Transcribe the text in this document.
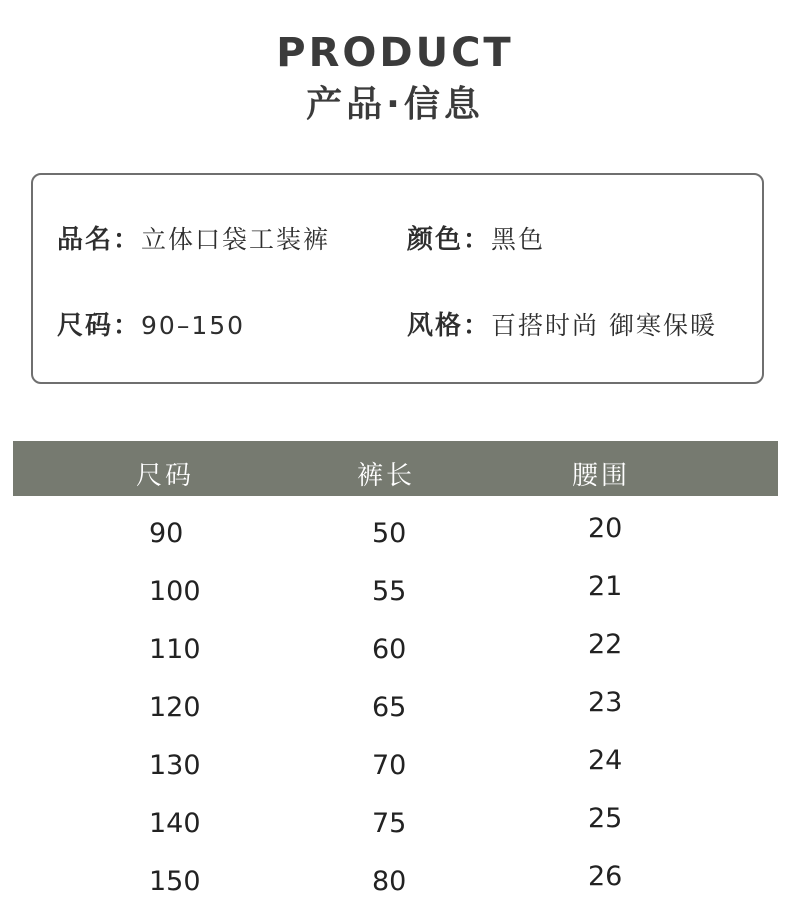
PRODUCT
产品·信息
品名：立体口袋工装裤	颜色：黑色
尺码：90–150	风格：百搭时尚 御寒保暖
尺码	裤长	腰围
90	50	20
100	55	21
110	60	22
120	65	23
130	70	24
140	75	25
150	80	26
